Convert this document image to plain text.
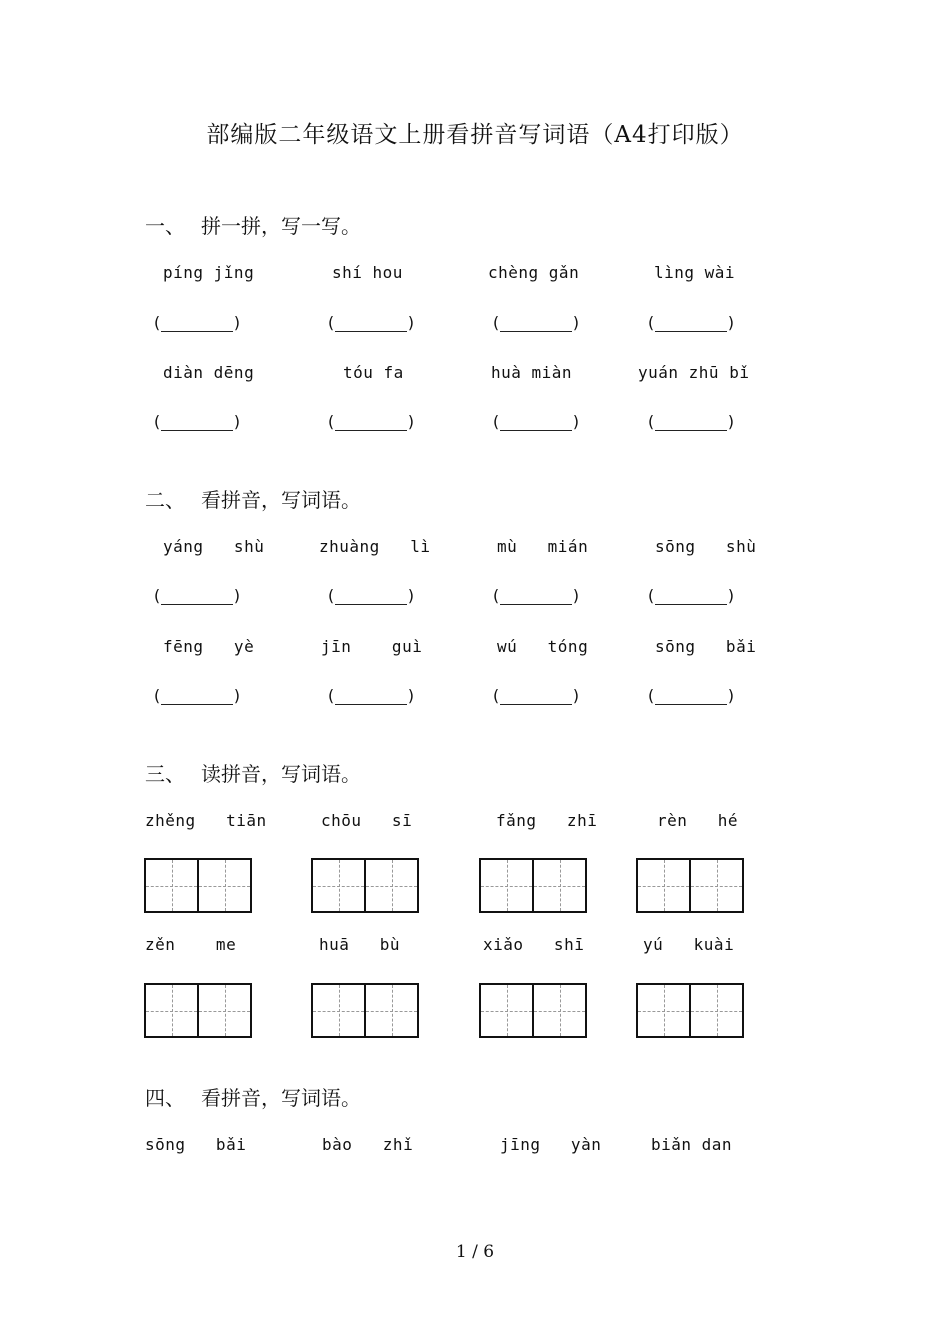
部编版二年级语文上册看拼音写词语（A4打印版）
一、 拼一拼，写一写。
píng jǐng	shí hou	chèng gǎn	lìng wài
(	)	(	)	(	)	(	)
diàn dēng	tóu fa	huà miàn	yuán zhū bǐ
(	)	(	)	(	)	(	)
二、 看拼音，写词语。
yáng   shù	zhuàng   lì	mù   mián	sōng   shù
(	)	(	)	(	)	(	)
fēng   yè	jīn    guì	wú   tóng	sōng   bǎi
(	)	(	)	(	)	(	)
三、 读拼音，写词语。
zhěng   tiān	chōu   sī	fǎng   zhī	rèn   hé
zěn    me	huā   bù	xiǎo   shī	yú   kuài
四、 看拼音，写词语。
sōng   bǎi	bào   zhǐ	jīng   yàn	biǎn dan
1 / 6
